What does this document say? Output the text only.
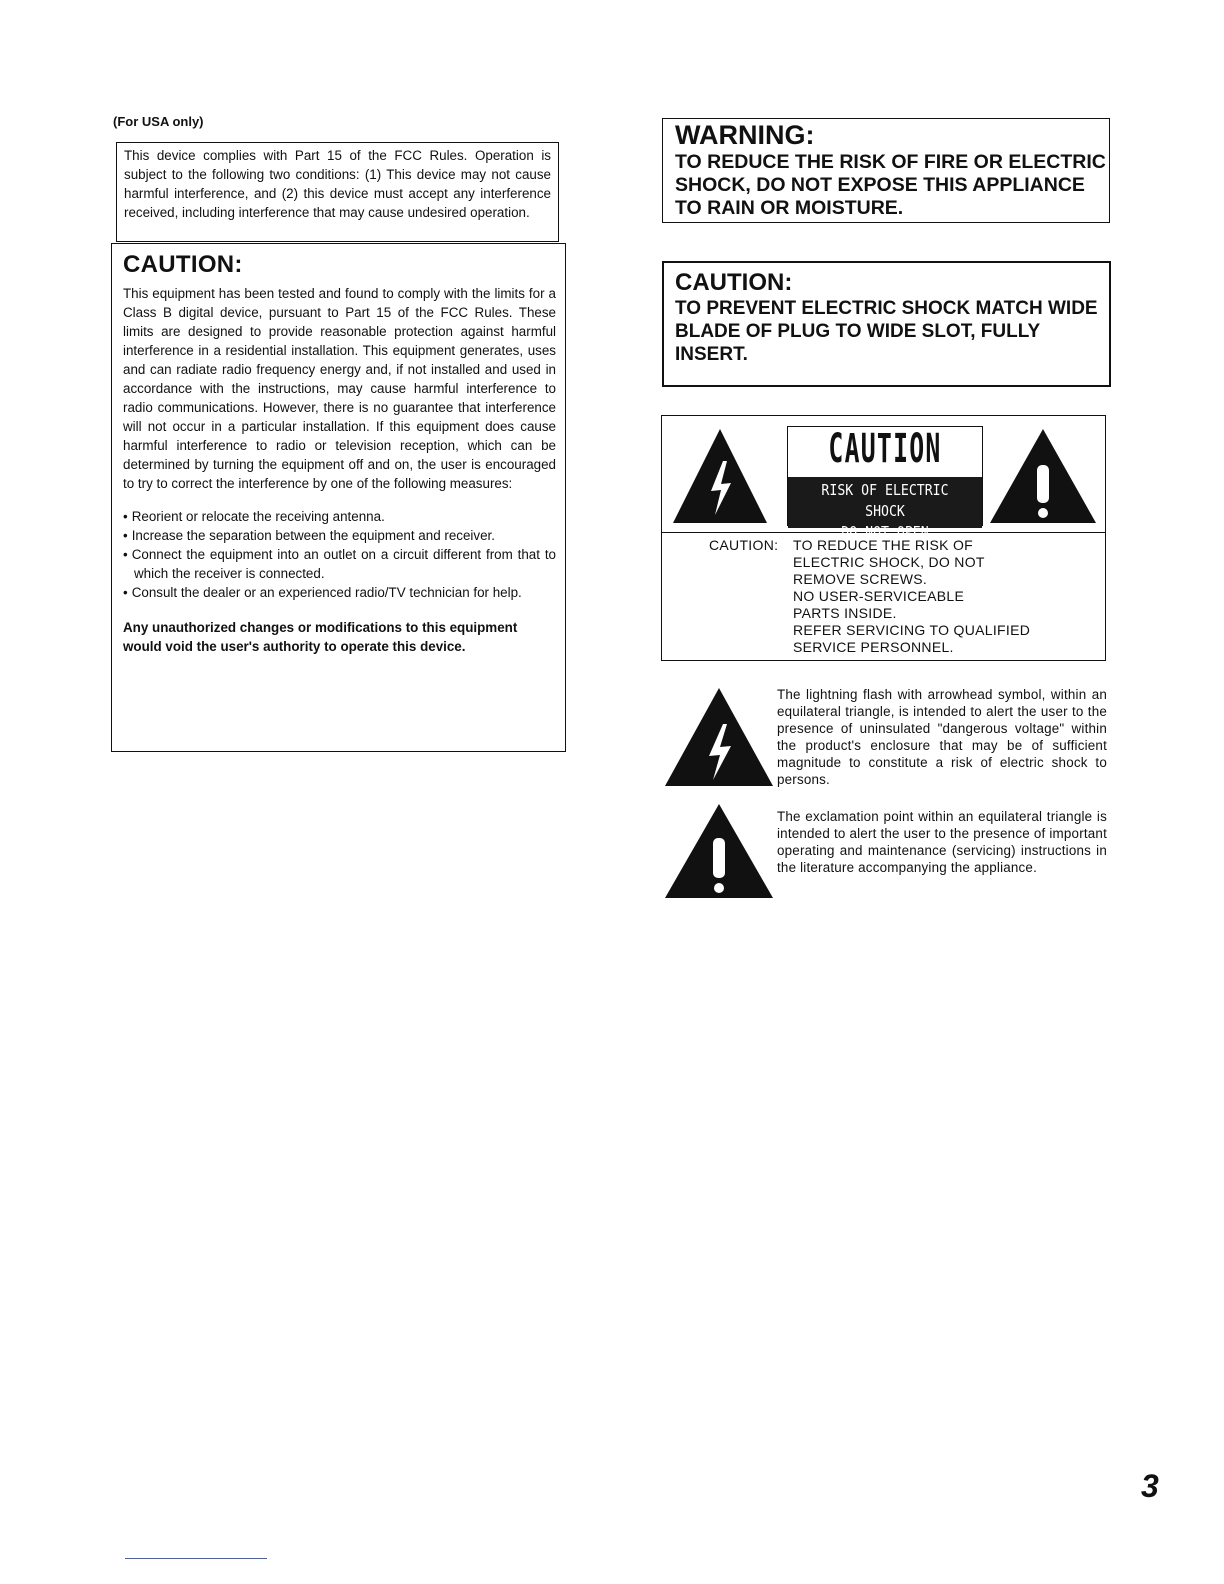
(For USA only)
This device complies with Part 15 of the FCC Rules. Operation is subject to the following two conditions: (1) This device may not cause harmful interference, and (2) this device must accept any interference received, including interference that may cause undesired operation.
CAUTION:
This equipment has been tested and found to comply with the limits for a Class B digital device, pursuant to Part 15 of the FCC Rules. These limits are designed to provide reasonable protection against harmful interference in a residential installation. This equipment generates, uses and can radiate radio frequency energy and, if not installed and used in accordance with the instructions, may cause harmful interference to radio communications. However, there is no guarantee that interference will not occur in a particular installation. If this equipment does cause harmful interference to radio or television reception, which can be determined by turning the equipment off and on, the user is encouraged to try to correct the interference by one of the following measures:
• Reorient or relocate the receiving antenna.
• Increase the separation between the equipment and receiver.
• Connect the equipment into an outlet on a circuit different from that to which the receiver is connected.
• Consult the dealer or an experienced radio/TV technician for help.
Any unauthorized changes or modifications to this equipment would void the user's authority to operate this device.
WARNING:
TO REDUCE THE RISK OF FIRE OR ELECTRIC SHOCK, DO NOT EXPOSE THIS APPLIANCE TO RAIN OR MOISTURE.
CAUTION:
TO PREVENT ELECTRIC SHOCK MATCH WIDE BLADE OF PLUG TO WIDE SLOT, FULLY INSERT.
CAUTION
RISK OF ELECTRIC SHOCK
DO NOT OPEN
CAUTION: TO REDUCE THE RISK OF
ELECTRIC SHOCK, DO NOT
REMOVE SCREWS.
NO USER-SERVICEABLE
PARTS INSIDE.
REFER SERVICING TO QUALIFIED
SERVICE PERSONNEL.
The lightning flash with arrowhead symbol, within an equilateral triangle, is intended to alert the user to the presence of uninsulated "dangerous voltage" within the product's enclosure that may be of sufficient magnitude to constitute a risk of electric shock to persons.
The exclamation point within an equilateral triangle is intended to alert the user to the presence of important operating and maintenance (servicing) instructions in the literature accompanying the appliance.
3
